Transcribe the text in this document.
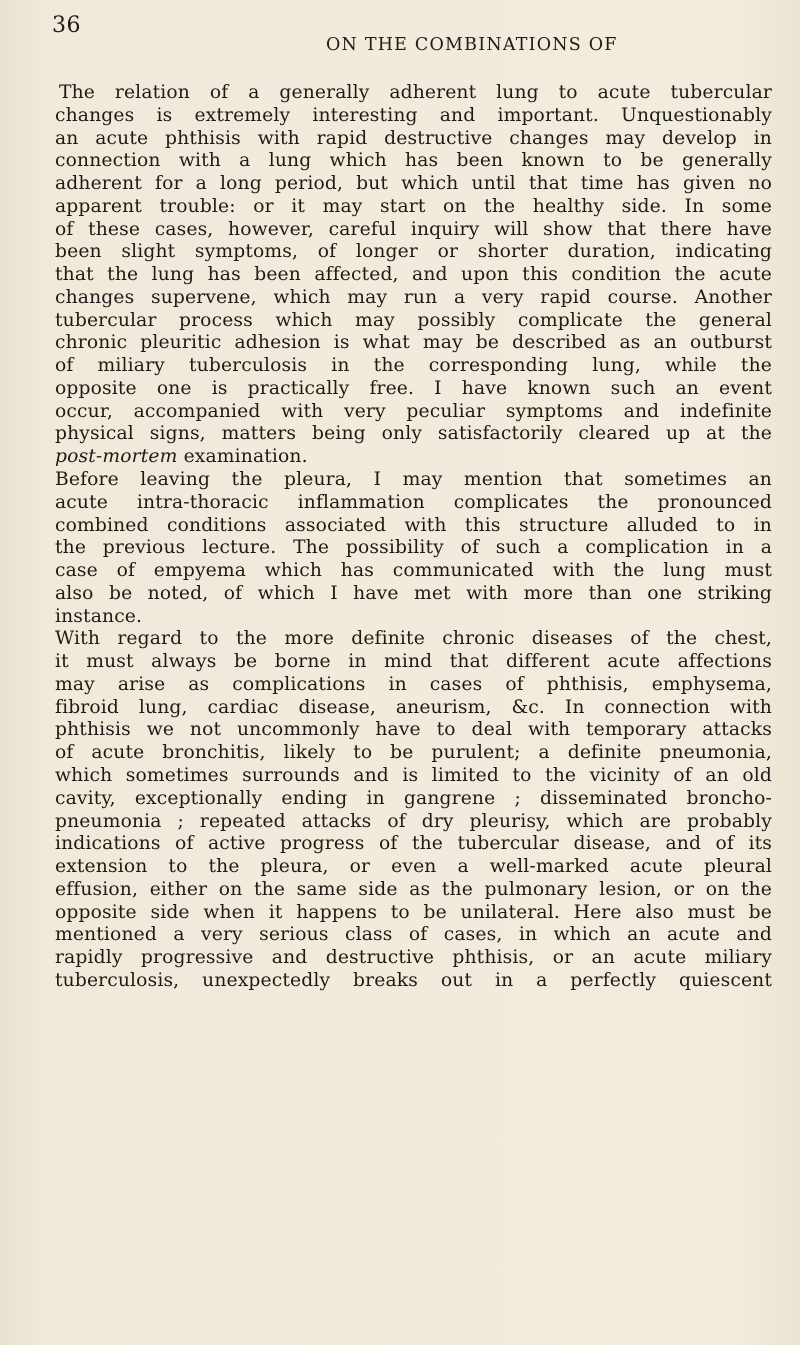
36
ON THE COMBINATIONS OF
The relation of a generally adherent lung to acute tubercular
changes is extremely interesting and important. Unquestionably
an acute phthisis with rapid destructive changes may develop in
connection with a lung which has been known to be generally
adherent for a long period, but which until that time has given no
apparent trouble: or it may start on the healthy side. In some
of these cases, however, careful inquiry will show that there have
been slight symptoms, of longer or shorter duration, indicating
that the lung has been affected, and upon this condition the acute
changes supervene, which may run a very rapid course. Another
tubercular process which may possibly complicate the general
chronic pleuritic adhesion is what may be described as an outburst
of miliary tuberculosis in the corresponding lung, while the
opposite one is practically free. I have known such an event
occur, accompanied with very peculiar symptoms and indefinite
physical signs, matters being only satisfactorily cleared up at the
post-mortem examination.
Before leaving the pleura, I may mention that sometimes an
acute intra-thoracic inflammation complicates the pronounced
combined conditions associated with this structure alluded to in
the previous lecture. The possibility of such a complication in a
case of empyema which has communicated with the lung must
also be noted, of which I have met with more than one striking
instance.
With regard to the more definite chronic diseases of the chest,
it must always be borne in mind that different acute affections
may arise as complications in cases of phthisis, emphysema,
fibroid lung, cardiac disease, aneurism, &c. In connection with
phthisis we not uncommonly have to deal with temporary attacks
of acute bronchitis, likely to be purulent; a definite pneumonia,
which sometimes surrounds and is limited to the vicinity of an old
cavity, exceptionally ending in gangrene ; disseminated broncho-
pneumonia ; repeated attacks of dry pleurisy, which are probably
indications of active progress of the tubercular disease, and of its
extension to the pleura, or even a well-marked acute pleural
effusion, either on the same side as the pulmonary lesion, or on the
opposite side when it happens to be unilateral. Here also must be
mentioned a very serious class of cases, in which an acute and
rapidly progressive and destructive phthisis, or an acute miliary
tuberculosis, unexpectedly breaks out in a perfectly quiescent
